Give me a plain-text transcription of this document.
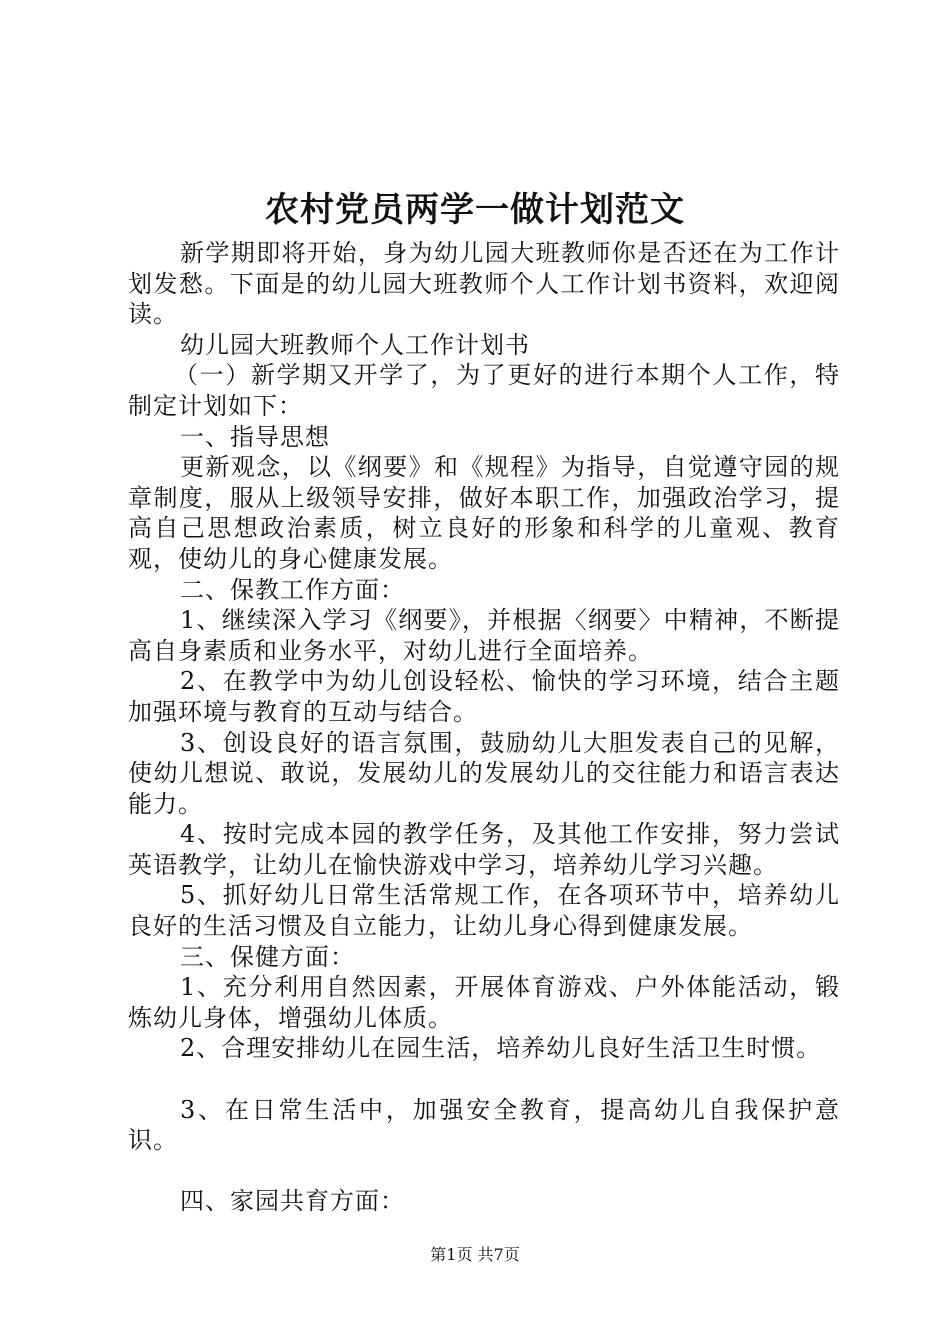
农村党员两学一做计划范文

新学期即将开始，身为幼儿园大班教师你是否还在为工作计划发愁。下面是的幼儿园大班教师个人工作计划书资料，欢迎阅读。

幼儿园大班教师个人工作计划书

（一）新学期又开学了，为了更好的进行本期个人工作，特制定计划如下：

一、指导思想

更新观念，以《纲要》和《规程》为指导，自觉遵守园的规章制度，服从上级领导安排，做好本职工作，加强政治学习，提高自己思想政治素质，树立良好的形象和科学的儿童观、教育观，使幼儿的身心健康发展。

二、保教工作方面：

1、继续深入学习《纲要》，并根据〈纲要〉中精神，不断提高自身素质和业务水平，对幼儿进行全面培养。

2、在教学中为幼儿创设轻松、愉快的学习环境，结合主题加强环境与教育的互动与结合。

3、创设良好的语言氛围，鼓励幼儿大胆发表自己的见解，使幼儿想说、敢说，发展幼儿的发展幼儿的交往能力和语言表达能力。

4、按时完成本园的教学任务，及其他工作安排，努力尝试英语教学，让幼儿在愉快游戏中学习，培养幼儿学习兴趣。

5、抓好幼儿日常生活常规工作，在各项环节中，培养幼儿良好的生活习惯及自立能力，让幼儿身心得到健康发展。

三、保健方面：

1、充分利用自然因素，开展体育游戏、户外体能活动，锻炼幼儿身体，增强幼儿体质。

2、合理安排幼儿在园生活，培养幼儿良好生活卫生时惯。

3、在日常生活中，加强安全教育，提高幼儿自我保护意识。

四、家园共育方面：

第1页 共7页
